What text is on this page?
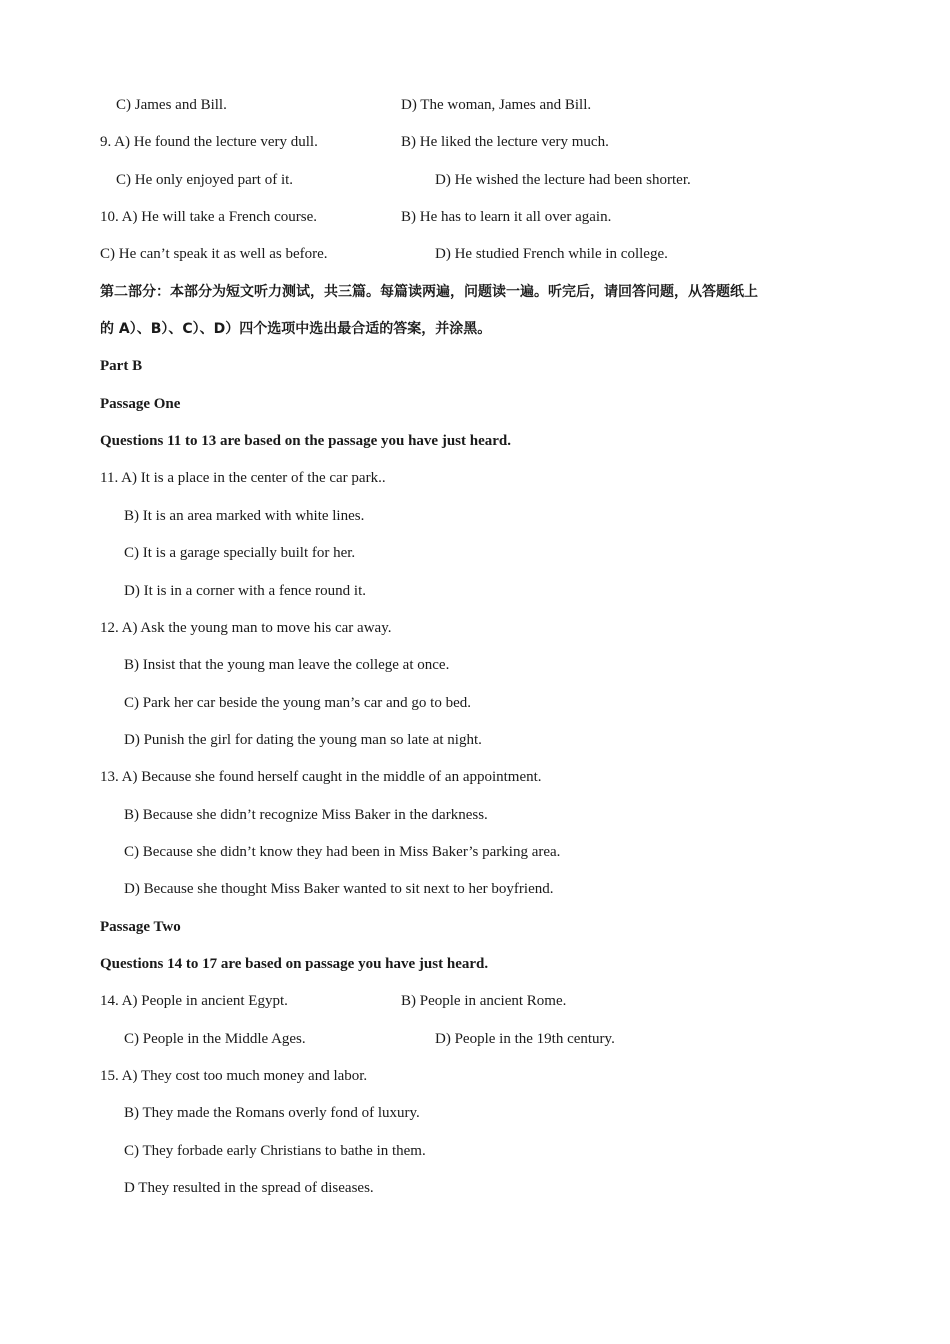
C) James and Bill.	D) The woman, James and Bill.
9. A) He found the lecture very dull.	B) He liked the lecture very much.
C) He only enjoyed part of it.	D) He wished the lecture had been shorter.
10. A) He will take a French course.	B) He has to learn it all over again.
C) He can’t speak it as well as before.	D) He studied French while in college.
第二部分：本部分为短文听力测试，共三篇。每篇读两遍，问题读一遍。听完后，请回答问题，从答题纸上
的 A）、B）、C）、D）四个选项中选出最合适的答案，并涂黑。
Part B
Passage One
Questions 11 to 13 are based on the passage you have just heard.
11. A) It is a place in the center of the car park..
B) It is an area marked with white lines.
C) It is a garage specially built for her.
D) It is in a corner with a fence round it.
12. A) Ask the young man to move his car away.
B) Insist that the young man leave the college at once.
C) Park her car beside the young man’s car and go to bed.
D) Punish the girl for dating the young man so late at night.
13. A) Because she found herself caught in the middle of an appointment.
B) Because she didn’t recognize Miss Baker in the darkness.
C) Because she didn’t know they had been in Miss Baker’s parking area.
D) Because she thought Miss Baker wanted to sit next to her boyfriend.
Passage Two
Questions 14 to 17 are based on passage you have just heard.
14. A) People in ancient Egypt.	B) People in ancient Rome.
C) People in the Middle Ages.	D) People in the 19th century.
15. A) They cost too much money and labor.
B) They made the Romans overly fond of luxury.
C) They forbade early Christians to bathe in them.
D They resulted in the spread of diseases.
